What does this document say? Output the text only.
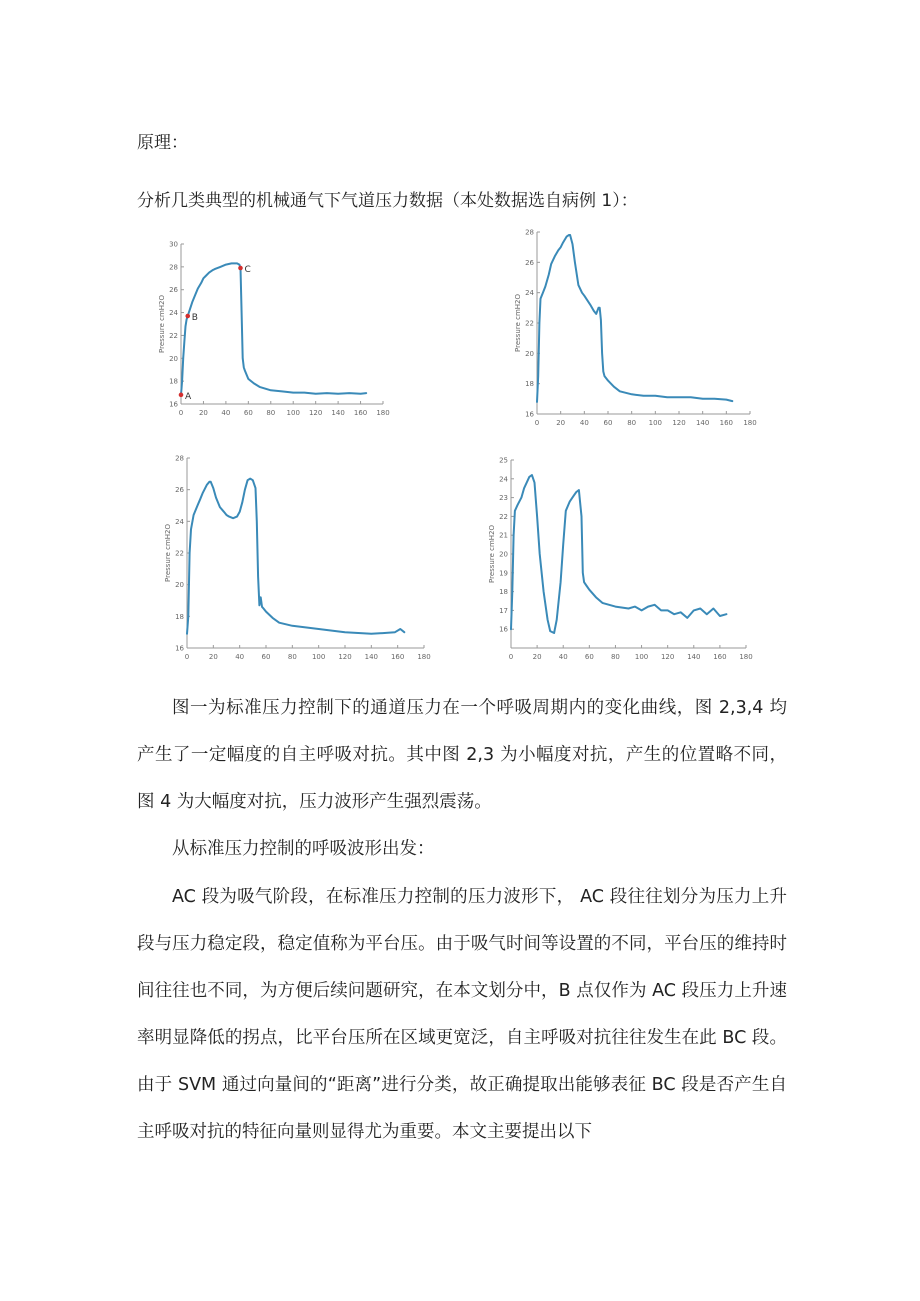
原理：
分析几类典型的机械通气下气道压力数据（本处数据选自病例 1）：
0 20 40 60 80 100 120 140 160 180
16
18
20
22
24
26
28
30
Pressure cmH2O
A
B
C
0 20 40 60 80 100 120 140 160 180
16
18
20
22
24
26
28
Pressure cmH2O
0	20 40 60 80 100 120 140 160 180
16
18
20
22
24
26
28
Pressure cmH2O
0	20 40 60 80 100 120 140 160 180
16
17
18
19
20
21
22
23
24
25
Pressure cmH2O

图一为标准压力控制下的通道压力在一个呼吸周期内的变化曲线，图 2,3,4 均产生了一定幅度的自主呼吸对抗。其中图 2,3 为小幅度对抗，产生的位置略不同，图 4 为大幅度对抗，压力波形产生强烈震荡。

从标准压力控制的呼吸波形出发：

AC 段为吸气阶段，在标准压力控制的压力波形下， AC 段往往划分为压力上升段与压力稳定段，稳定值称为平台压。由于吸气时间等设置的不同，平台压的维持时间往往也不同，为方便后续问题研究，在本文划分中，B 点仅作为 AC 段压力上升速率明显降低的拐点，比平台压所在区域更宽泛，自主呼吸对抗往往发生在此 BC 段。由于 SVM 通过向量间的“距离”进行分类，故正确提取出能够表征 BC 段是否产生自主呼吸对抗的特征向量则显得尤为重要。本文主要提出以下
